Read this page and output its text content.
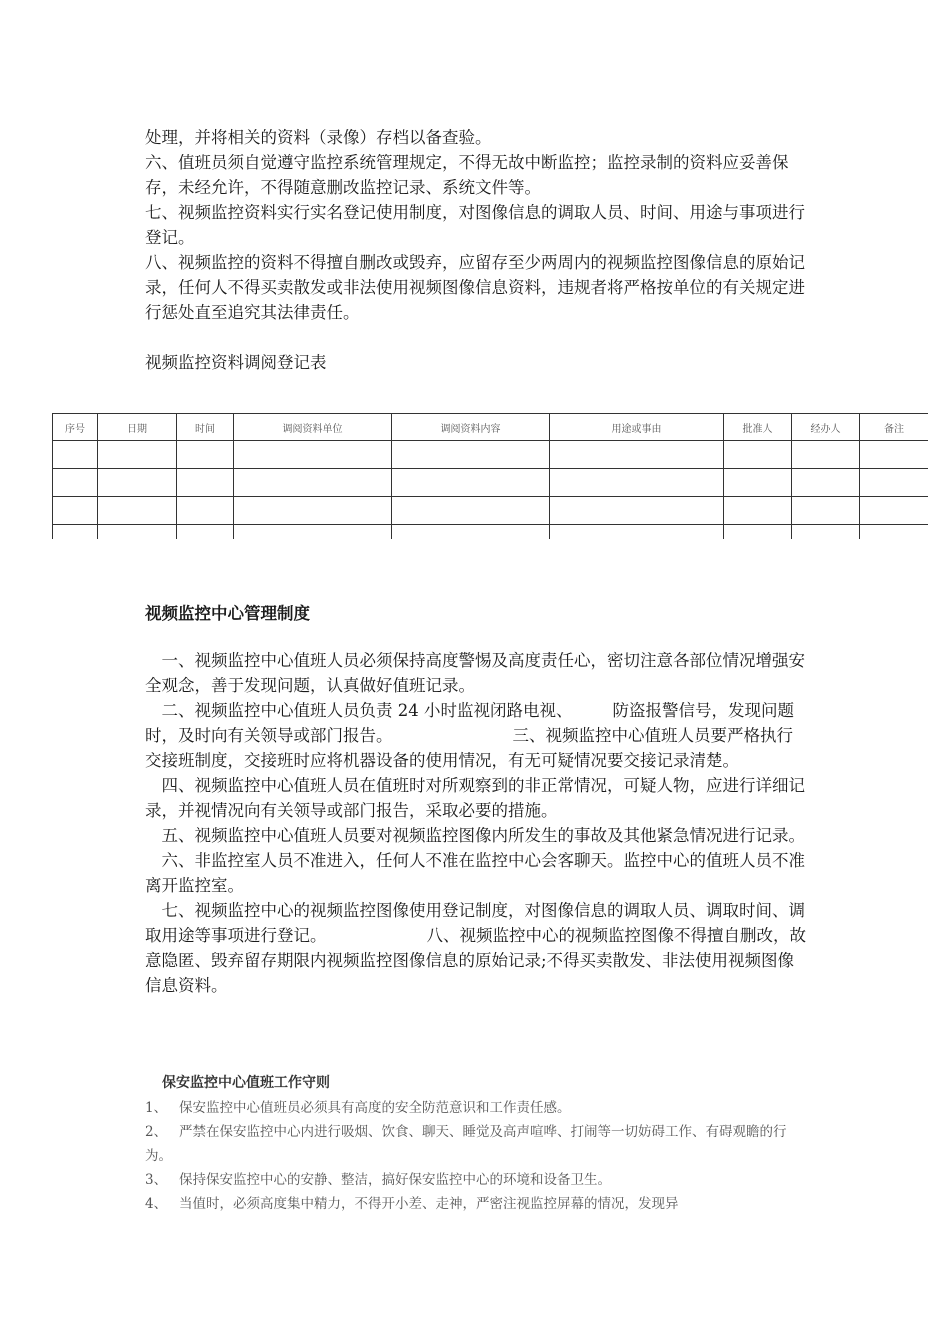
处理，并将相关的资料（录像）存档以备查验。

六、值班员须自觉遵守监控系统管理规定，不得无故中断监控；监控录制的资料应妥善保存，未经允许，不得随意删改监控记录、系统文件等。

七、视频监控资料实行实名登记使用制度，对图像信息的调取人员、时间、用途与事项进行登记。

八、视频监控的资料不得擅自删改或毁弃，应留存至少两周内的视频监控图像信息的原始记录，任何人不得买卖散发或非法使用视频图像信息资料，违规者将严格按单位的有关规定进行惩处直至追究其法律责任。

视频监控资料调阅登记表

序号	日期	时间	调阅资料单位	调阅资料内容	用途或事由	批准人	经办人	备注

视频监控中心管理制度

一、视频监控中心值班人员必须保持高度警惕及高度责任心，密切注意各部位情况增强安全观念，善于发现问题，认真做好值班记录。

二、视频监控中心值班人员负责 24 小时监视闭路电视、 防盗报警信号，发现问题时，及时向有关领导或部门报告。	三、视频监控中心值班人员要严格执行交接班制度，交接班时应将机器设备的使用情况，有无可疑情况要交接记录清楚。

四、视频监控中心值班人员在值班时对所观察到的非正常情况，可疑人物，应进行详细记录，并视情况向有关领导或部门报告，采取必要的措施。

五、视频监控中心值班人员要对视频监控图像内所发生的事故及其他紧急情况进行记录。

六、非监控室人员不准进入，任何人不准在监控中心会客聊天。监控中心的值班人员不准离开监控室。

七、视频监控中心的视频监控图像使用登记制度，对图像信息的调取人员、调取时间、调取用途等事项进行登记。	八、视频监控中心的视频监控图像不得擅自删改，故意隐匿、毁弃留存期限内视频监控图像信息的原始记录;不得买卖散发、非法使用视频图像信息资料。

保安监控中心值班工作守则

1、 保安监控中心值班员必须具有高度的安全防范意识和工作责任感。

2、 严禁在保安监控中心内进行吸烟、饮食、聊天、睡觉及高声喧哗、打闹等一切妨碍工作、有碍观瞻的行为。

3、 保持保安监控中心的安静、整洁，搞好保安监控中心的环境和设备卫生。

4、 当值时，必须高度集中精力，不得开小差、走神，严密注视监控屏幕的情况，发现异
